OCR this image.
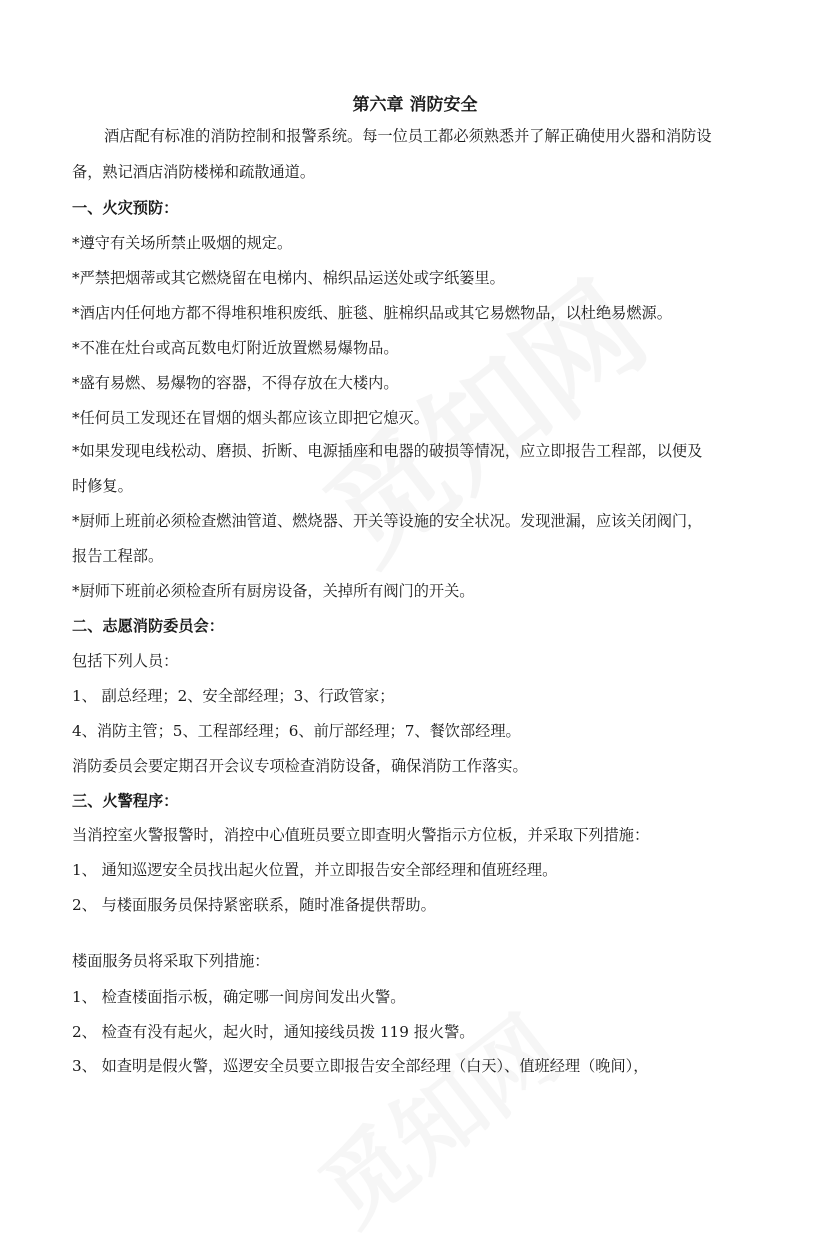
第六章 消防安全
酒店配有标准的消防控制和报警系统。每一位员工都必须熟悉并了解正确使用火器和消防设
备，熟记酒店消防楼梯和疏散通道。
一、火灾预防：
*遵守有关场所禁止吸烟的规定。
*严禁把烟蒂或其它燃烧留在电梯内、棉织品运送处或字纸篓里。
*酒店内任何地方都不得堆积堆积废纸、脏毯、脏棉织品或其它易燃物品，以杜绝易燃源。
*不准在灶台或高瓦数电灯附近放置燃易爆物品。
*盛有易燃、易爆物的容器，不得存放在大楼内。
*任何员工发现还在冒烟的烟头都应该立即把它熄灭。
*如果发现电线松动、磨损、折断、电源插座和电器的破损等情况，应立即报告工程部，以便及
时修复。
*厨师上班前必须检查燃油管道、燃烧器、开关等设施的安全状况。发现泄漏，应该关闭阀门，
报告工程部。
*厨师下班前必须检查所有厨房设备，关掉所有阀门的开关。
二、志愿消防委员会：
包括下列人员：
1、 副总经理；2、安全部经理；3、行政管家；
4、消防主管；5、工程部经理；6、前厅部经理；7、餐饮部经理。
消防委员会要定期召开会议专项检查消防设备，确保消防工作落实。
三、火警程序：
当消控室火警报警时，消控中心值班员要立即查明火警指示方位板，并采取下列措施：
1、 通知巡逻安全员找出起火位置，并立即报告安全部经理和值班经理。
2、 与楼面服务员保持紧密联系，随时准备提供帮助。
楼面服务员将采取下列措施：
1、 检查楼面指示板，确定哪一间房间发出火警。
2、 检查有没有起火，起火时，通知接线员拨 119 报火警。
3、 如查明是假火警，巡逻安全员要立即报告安全部经理（白天）、值班经理（晚间），
